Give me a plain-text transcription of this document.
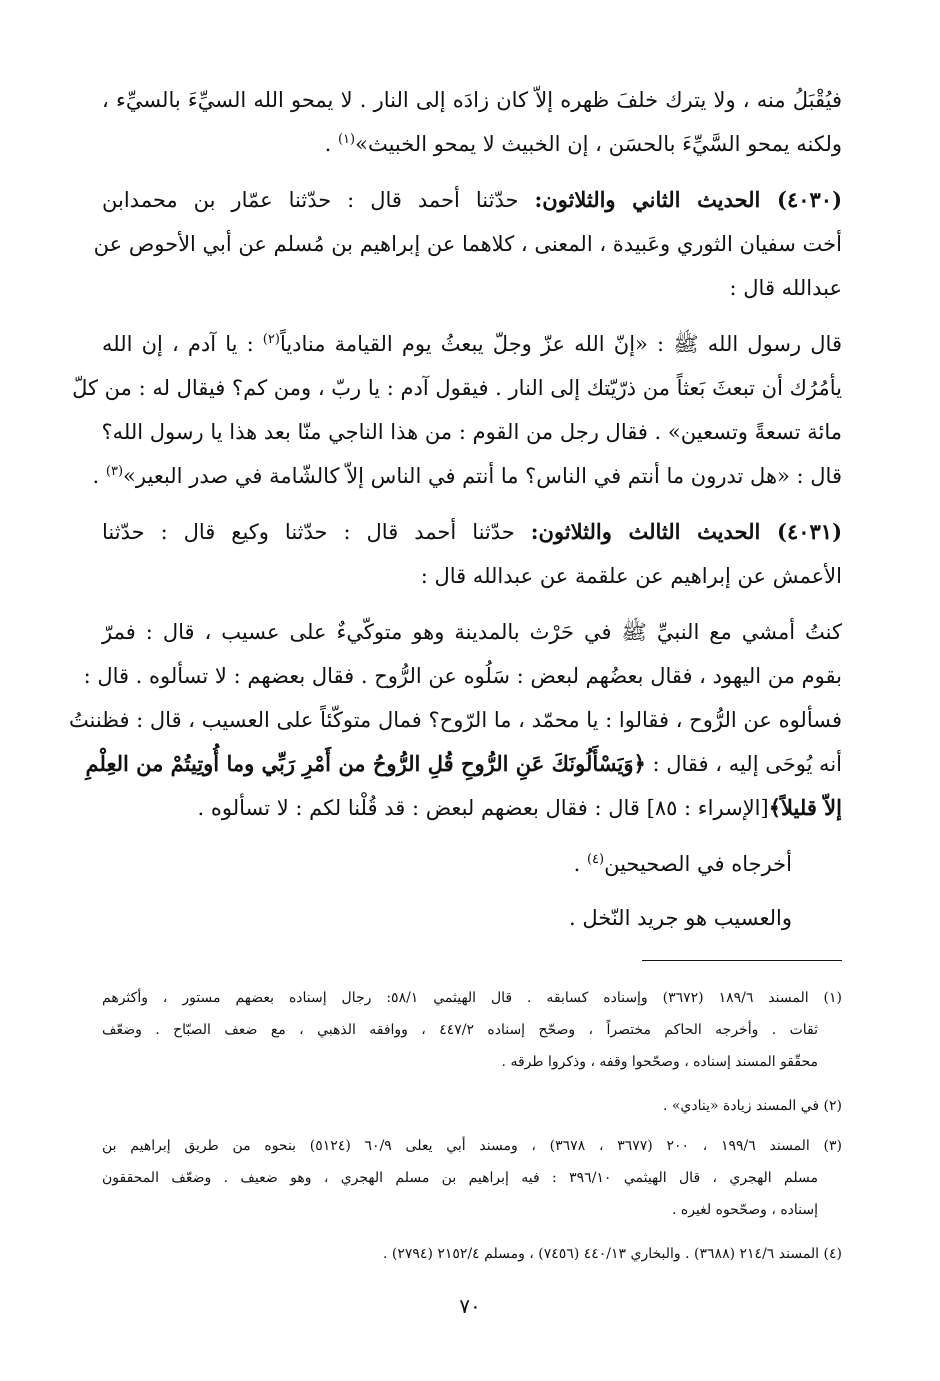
فيُقْبَلُ منه ، ولا يترك خلفَ ظهره إلاّ كان زادَه إلى النار . لا يمحو الله السيِّءَ بالسيِّء ،

ولكنه يمحو السَّيِّءَ بالحسَن ، إن الخبيث لا يمحو الخبيث»$^{(١)}$ .

(٤٠٣٠) الحديث الثاني والثلاثون: حدّثنا أحمد قال : حدّثنا عمّار بن محمدابن

أخت سفيان الثوري وعَبيدة ، المعنى ، كلاهما عن إبراهيم بن مُسلم عن أبي الأحوص عن

عبدالله قال :

قال رسول الله ﷺ : «إنّ الله عزّ وجلّ يبعثُ يوم القيامة منادياً$^{(٢)}$ : يا آدم ، إن الله

يأمُرُك أن تبعثَ بَعثاً من ذرّيّتك إلى النار . فيقول آدم : يا ربّ ، ومن كم؟ فيقال له : من كلّ

مائة تسعةً وتسعين» . فقال رجل من القوم : من هذا الناجي منّا بعد هذا يا رسول الله؟

قال : «هل تدرون ما أنتم في الناس؟ ما أنتم في الناس إلاّ كالشّامة في صدر البعير»$^{(٣)}$ .

(٤٠٣١) الحديث الثالث والثلاثون: حدّثنا أحمد قال : حدّثنا وكيع قال : حدّثنا

الأعمش عن إبراهيم عن علقمة عن عبدالله قال :

كنتُ أمشي مع النبيِّ ﷺ في حَرْث بالمدينة وهو متوكّيءٌ على عسيب ، قال : فمرّ

بقوم من اليهود ، فقال بعضُهم لبعض : سَلُوه عن الرُّوح . فقال بعضهم : لا تسألوه . قال :

فسألوه عن الرُّوح ، فقالوا : يا محمّد ، ما الرّوح؟ فمال متوكّئاً على العسيب ، قال : فظننتُ

أنه يُوحَى إليه ، فقال : ﴿وَيَسْأَلُونَكَ عَنِ الرُّوحِ قُلِ الرُّوحُ من أَمْرِ رَبِّي وما أُوتِيتُمْ من العِلْمِ

إلاّ قليلاً﴾[الإسراء : ٨٥] قال : فقال بعضهم لبعض : قد قُلْنا لكم : لا تسألوه .

أخرجاه في الصحيحين$^{(٤)}$ .

والعسيب هو جريد النّخل .

(١) المسند ١٨٩/٦ (٣٦٧٢) وإسناده كسابقه . قال الهيثمي ٥٨/١: رجال إسناده بعضهم مستور ، وأكثرهم

ثقات . وأخرجه الحاكم مختصراً ، وصحّح إسناده ٤٤٧/٢ ، ووافقه الذهبي ، مع ضعف الصبّاح . وضعّف

محقّقو المسند إسناده ، وصحّحوا وقفه ، وذكروا طرقه .

(٢) في المسند زيادة «ينادي» .

(٣) المسند ١٩٩/٦ ، ٢٠٠ (٣٦٧٧ ، ٣٦٧٨) ، ومسند أبي يعلى ٦٠/٩ (٥١٢٤) بنحوه من طريق إبراهيم بن

مسلم الهجري ، قال الهيثمي ٣٩٦/١٠ : فيه إبراهيم بن مسلم الهجري ، وهو ضعيف . وضعّف المحققون

إسناده ، وصحّحوه لغيره .

(٤) المسند ٢١٤/٦ (٣٦٨٨) . والبخاري ٤٤٠/١٣ (٧٤٥٦) ، ومسلم ٢١٥٢/٤ (٢٧٩٤) .

٧٠
